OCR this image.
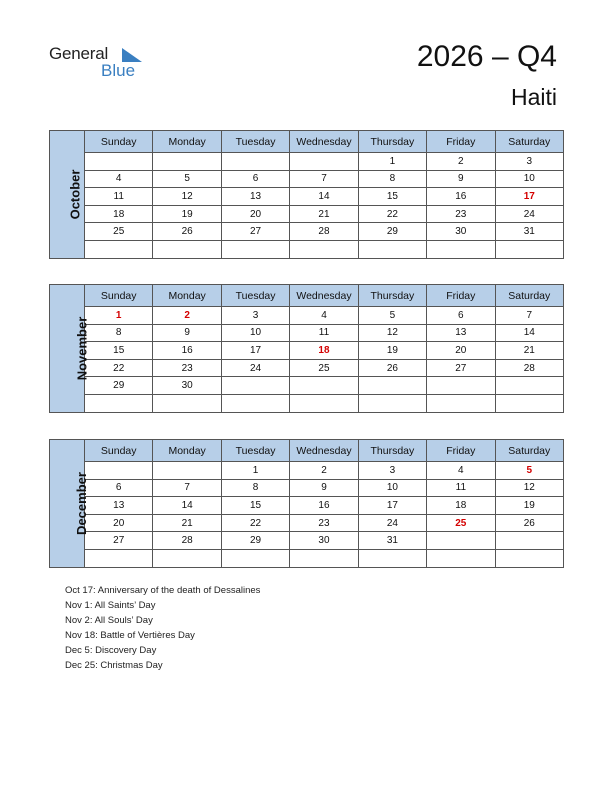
General
Blue	2026 – Q4
Haiti
October	Sunday	Monday	Tuesday	Wednesday	Thursday	Friday	Saturday
					1	2	3
	4	5	6	7	8	9	10
	11	12	13	14	15	16	17
	18	19	20	21	22	23	24
	25	26	27	28	29	30	31

November	Sunday	Monday	Tuesday	Wednesday	Thursday	Friday	Saturday
	1	2	3	4	5	6	7
	8	9	10	11	12	13	14
	15	16	17	18	19	20	21
	22	23	24	25	26	27	28
	29	30					

December	Sunday	Monday	Tuesday	Wednesday	Thursday	Friday	Saturday
			1	2	3	4	5
	6	7	8	9	10	11	12
	13	14	15	16	17	18	19
	20	21	22	23	24	25	26
	27	28	29	30	31		

Oct 17: Anniversary of the death of Dessalines
Nov 1: All Saints’ Day
Nov 2: All Souls’ Day
Nov 18: Battle of Vertières Day
Dec 5: Discovery Day
Dec 25: Christmas Day
